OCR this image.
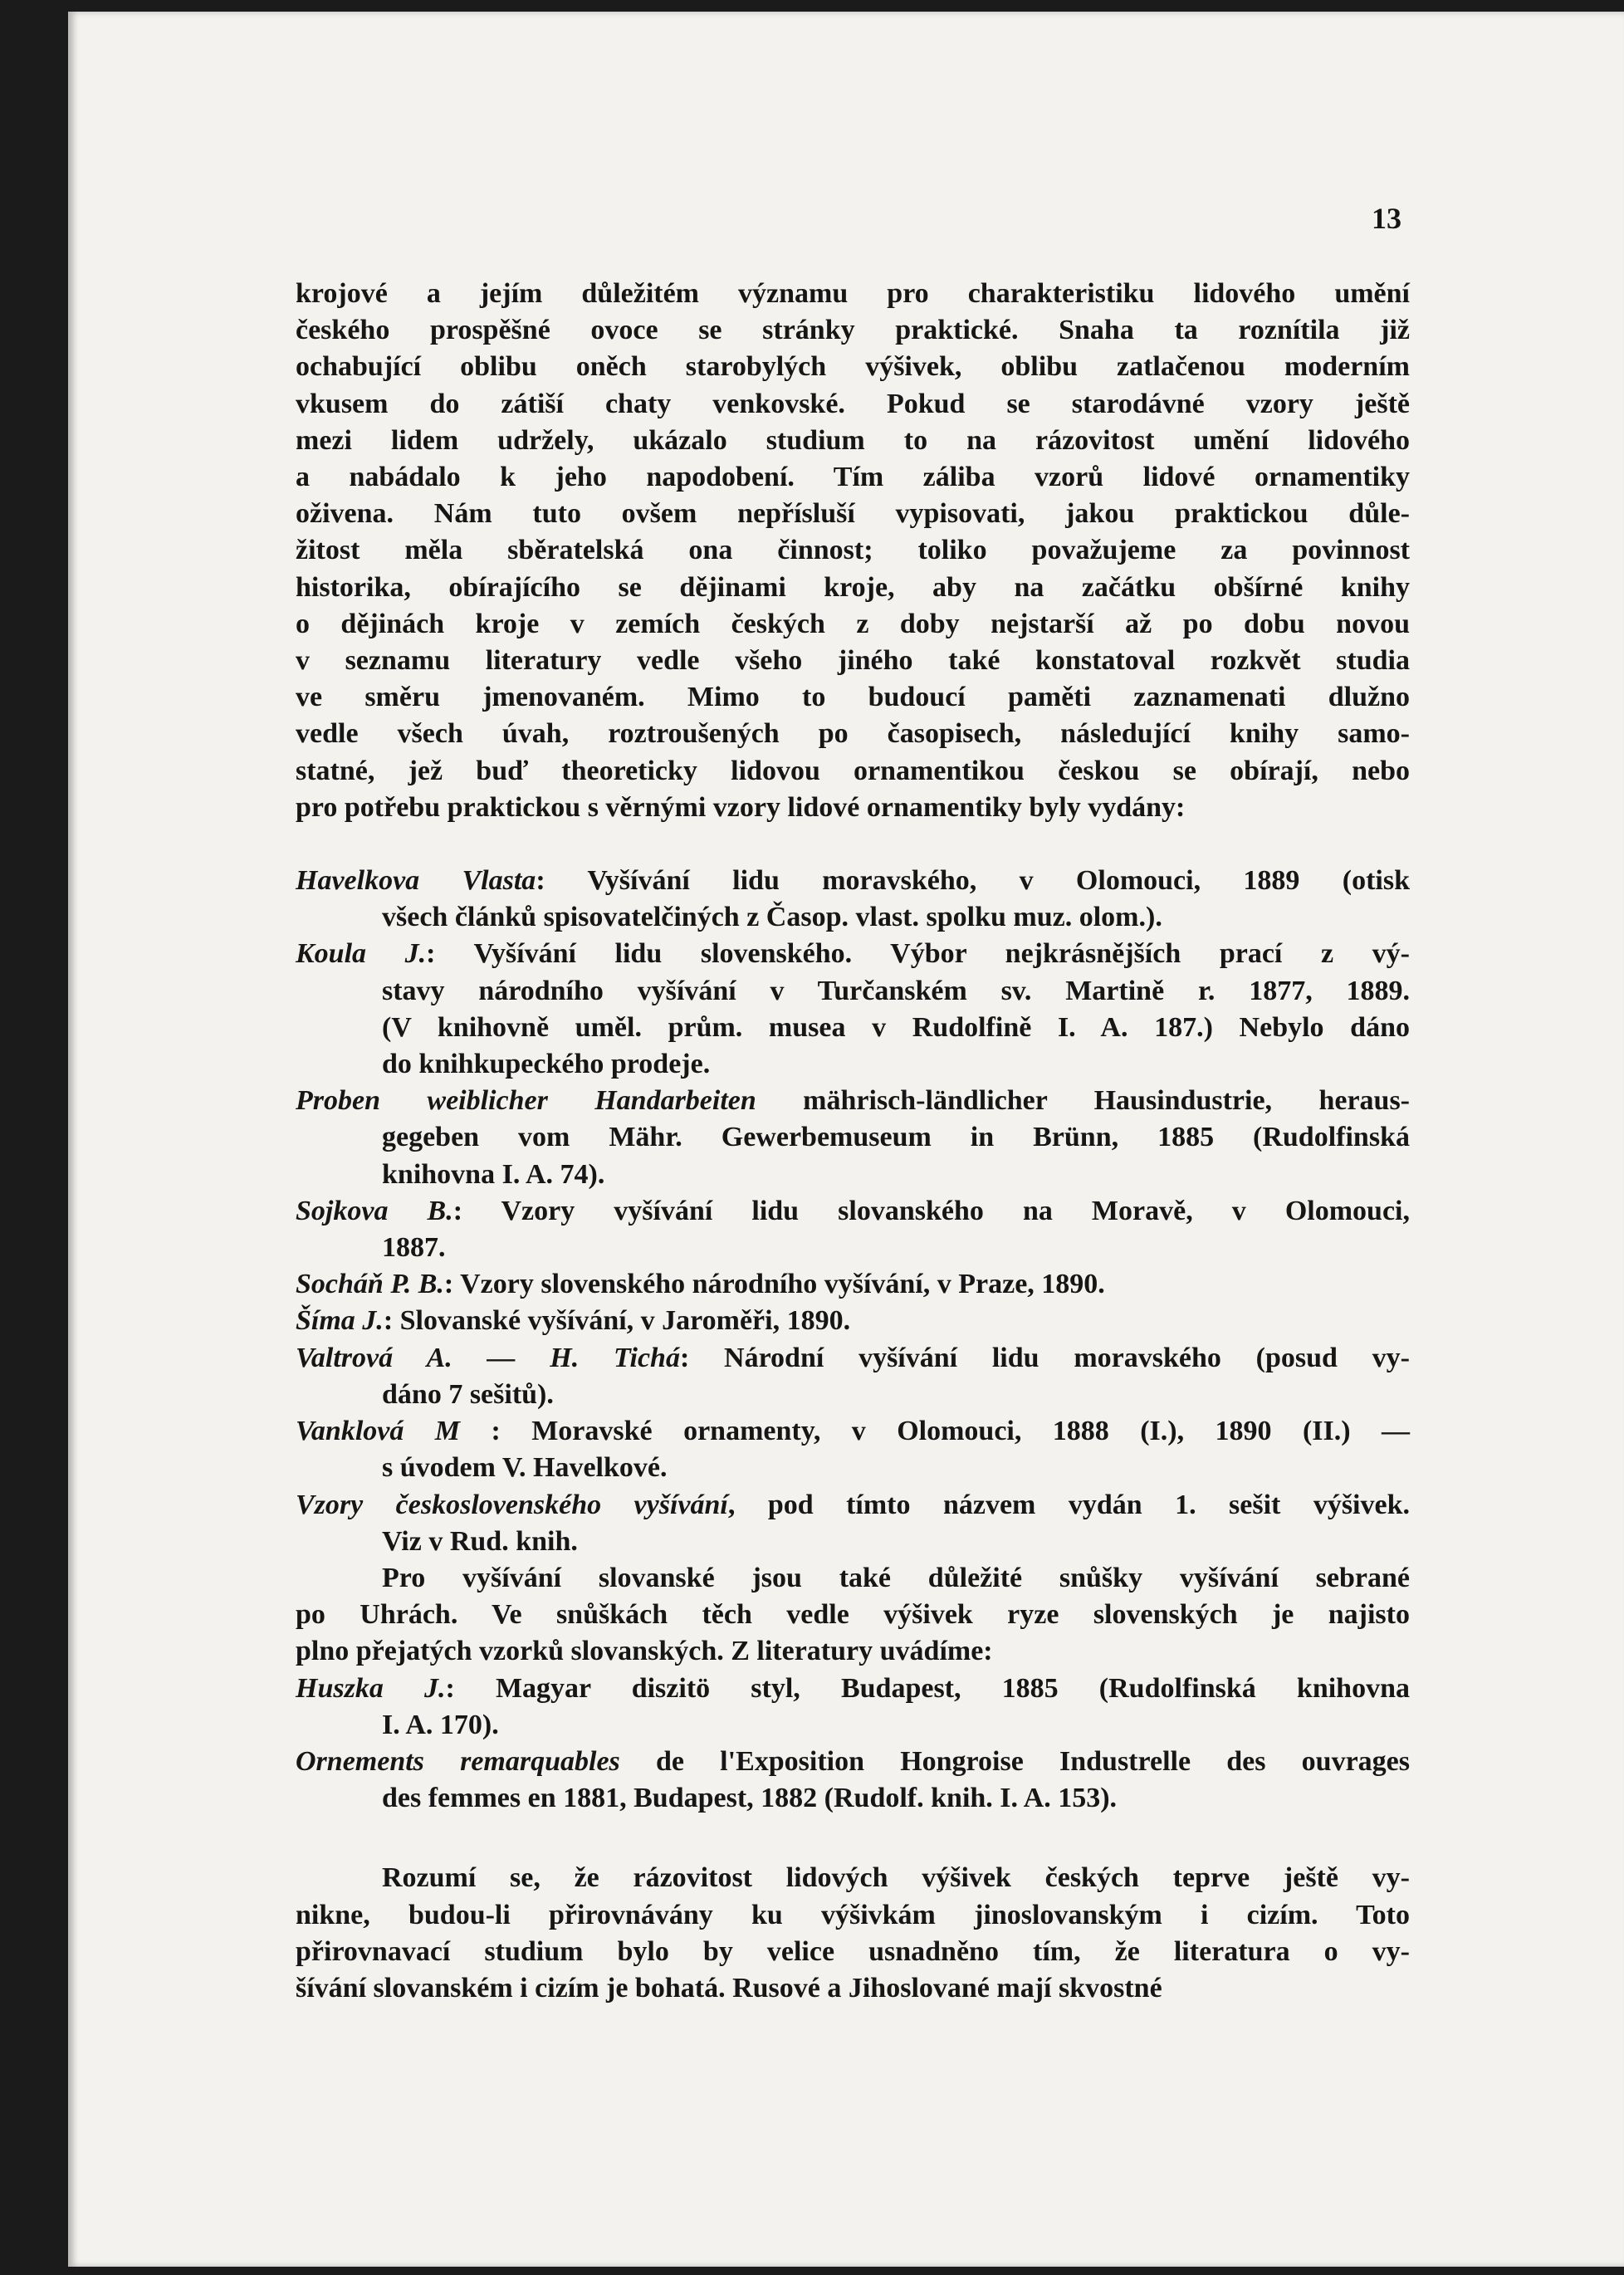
13
krojové a jejím důležitém významu pro charakteristiku lidového umění
českého prospěšné ovoce se stránky praktické. Snaha ta roznítila již
ochabující oblibu oněch starobylých výšivek, oblibu zatlačenou moderním
vkusem do zátiší chaty venkovské. Pokud se starodávné vzory ještě
mezi lidem udržely, ukázalo studium to na rázovitost umění lidového
a nabádalo k jeho napodobení. Tím záliba vzorů lidové ornamentiky
oživena. Nám tuto ovšem nepřísluší vypisovati, jakou praktickou důle-
žitost měla sběratelská ona činnost; toliko považujeme za povinnost
historika, obírajícího se dějinami kroje, aby na začátku obšírné knihy
o dějinách kroje v zemích českých z doby nejstarší až po dobu novou
v seznamu literatury vedle všeho jiného také konstatoval rozkvět studia
ve směru jmenovaném. Mimo to budoucí paměti zaznamenati dlužno
vedle všech úvah, roztroušených po časopisech, následující knihy samo-
statné, jež buď theoreticky lidovou ornamentikou českou se obírají, nebo
pro potřebu praktickou s věrnými vzory lidové ornamentiky byly vydány:
Havelkova Vlasta: Vyšívání lidu moravského, v Olomouci, 1889 (otisk
všech článků spisovatelčiných z Časop. vlast. spolku muz. olom.).
Koula J.: Vyšívání lidu slovenského. Výbor nejkrásnějších prací z vý-
stavy národního vyšívání v Turčanském sv. Martině r. 1877, 1889.
(V knihovně uměl. prům. musea v Rudolfině I. A. 187.) Nebylo dáno
do knihkupeckého prodeje.
Proben weiblicher Handarbeiten mährisch-ländlicher Hausindustrie, heraus-
gegeben vom Mähr. Gewerbemuseum in Brünn, 1885 (Rudolfinská
knihovna I. A. 74).
Sojkova B.: Vzory vyšívání lidu slovanského na Moravě, v Olomouci,
1887.
Socháň P. B.: Vzory slovenského národního vyšívání, v Praze, 1890.
Šíma J.: Slovanské vyšívání, v Jaroměři, 1890.
Valtrová A. — H. Tichá: Národní vyšívání lidu moravského (posud vy-
dáno 7 sešitů).
Vanklová M : Moravské ornamenty, v Olomouci, 1888 (I.), 1890 (II.) —
s úvodem V. Havelkové.
Vzory československého vyšívání, pod tímto názvem vydán 1. sešit výšivek.
Viz v Rud. knih.
Pro vyšívání slovanské jsou také důležité snůšky vyšívání sebrané
po Uhrách. Ve snůškách těch vedle výšivek ryze slovenských je najisto
plno přejatých vzorků slovanských. Z literatury uvádíme:
Huszka J.: Magyar diszitö styl, Budapest, 1885 (Rudolfinská knihovna
I. A. 170).
Ornements remarquables de l'Exposition Hongroise Industrelle des ouvrages
des femmes en 1881, Budapest, 1882 (Rudolf. knih. I. A. 153).
Rozumí se, že rázovitost lidových výšivek českých teprve ještě vy-
nikne, budou-li přirovnávány ku výšivkám jinoslovanským i cizím. Toto
přirovnavací studium bylo by velice usnadněno tím, že literatura o vy-
šívání slovanském i cizím je bohatá. Rusové a Jihoslované mají skvostné
